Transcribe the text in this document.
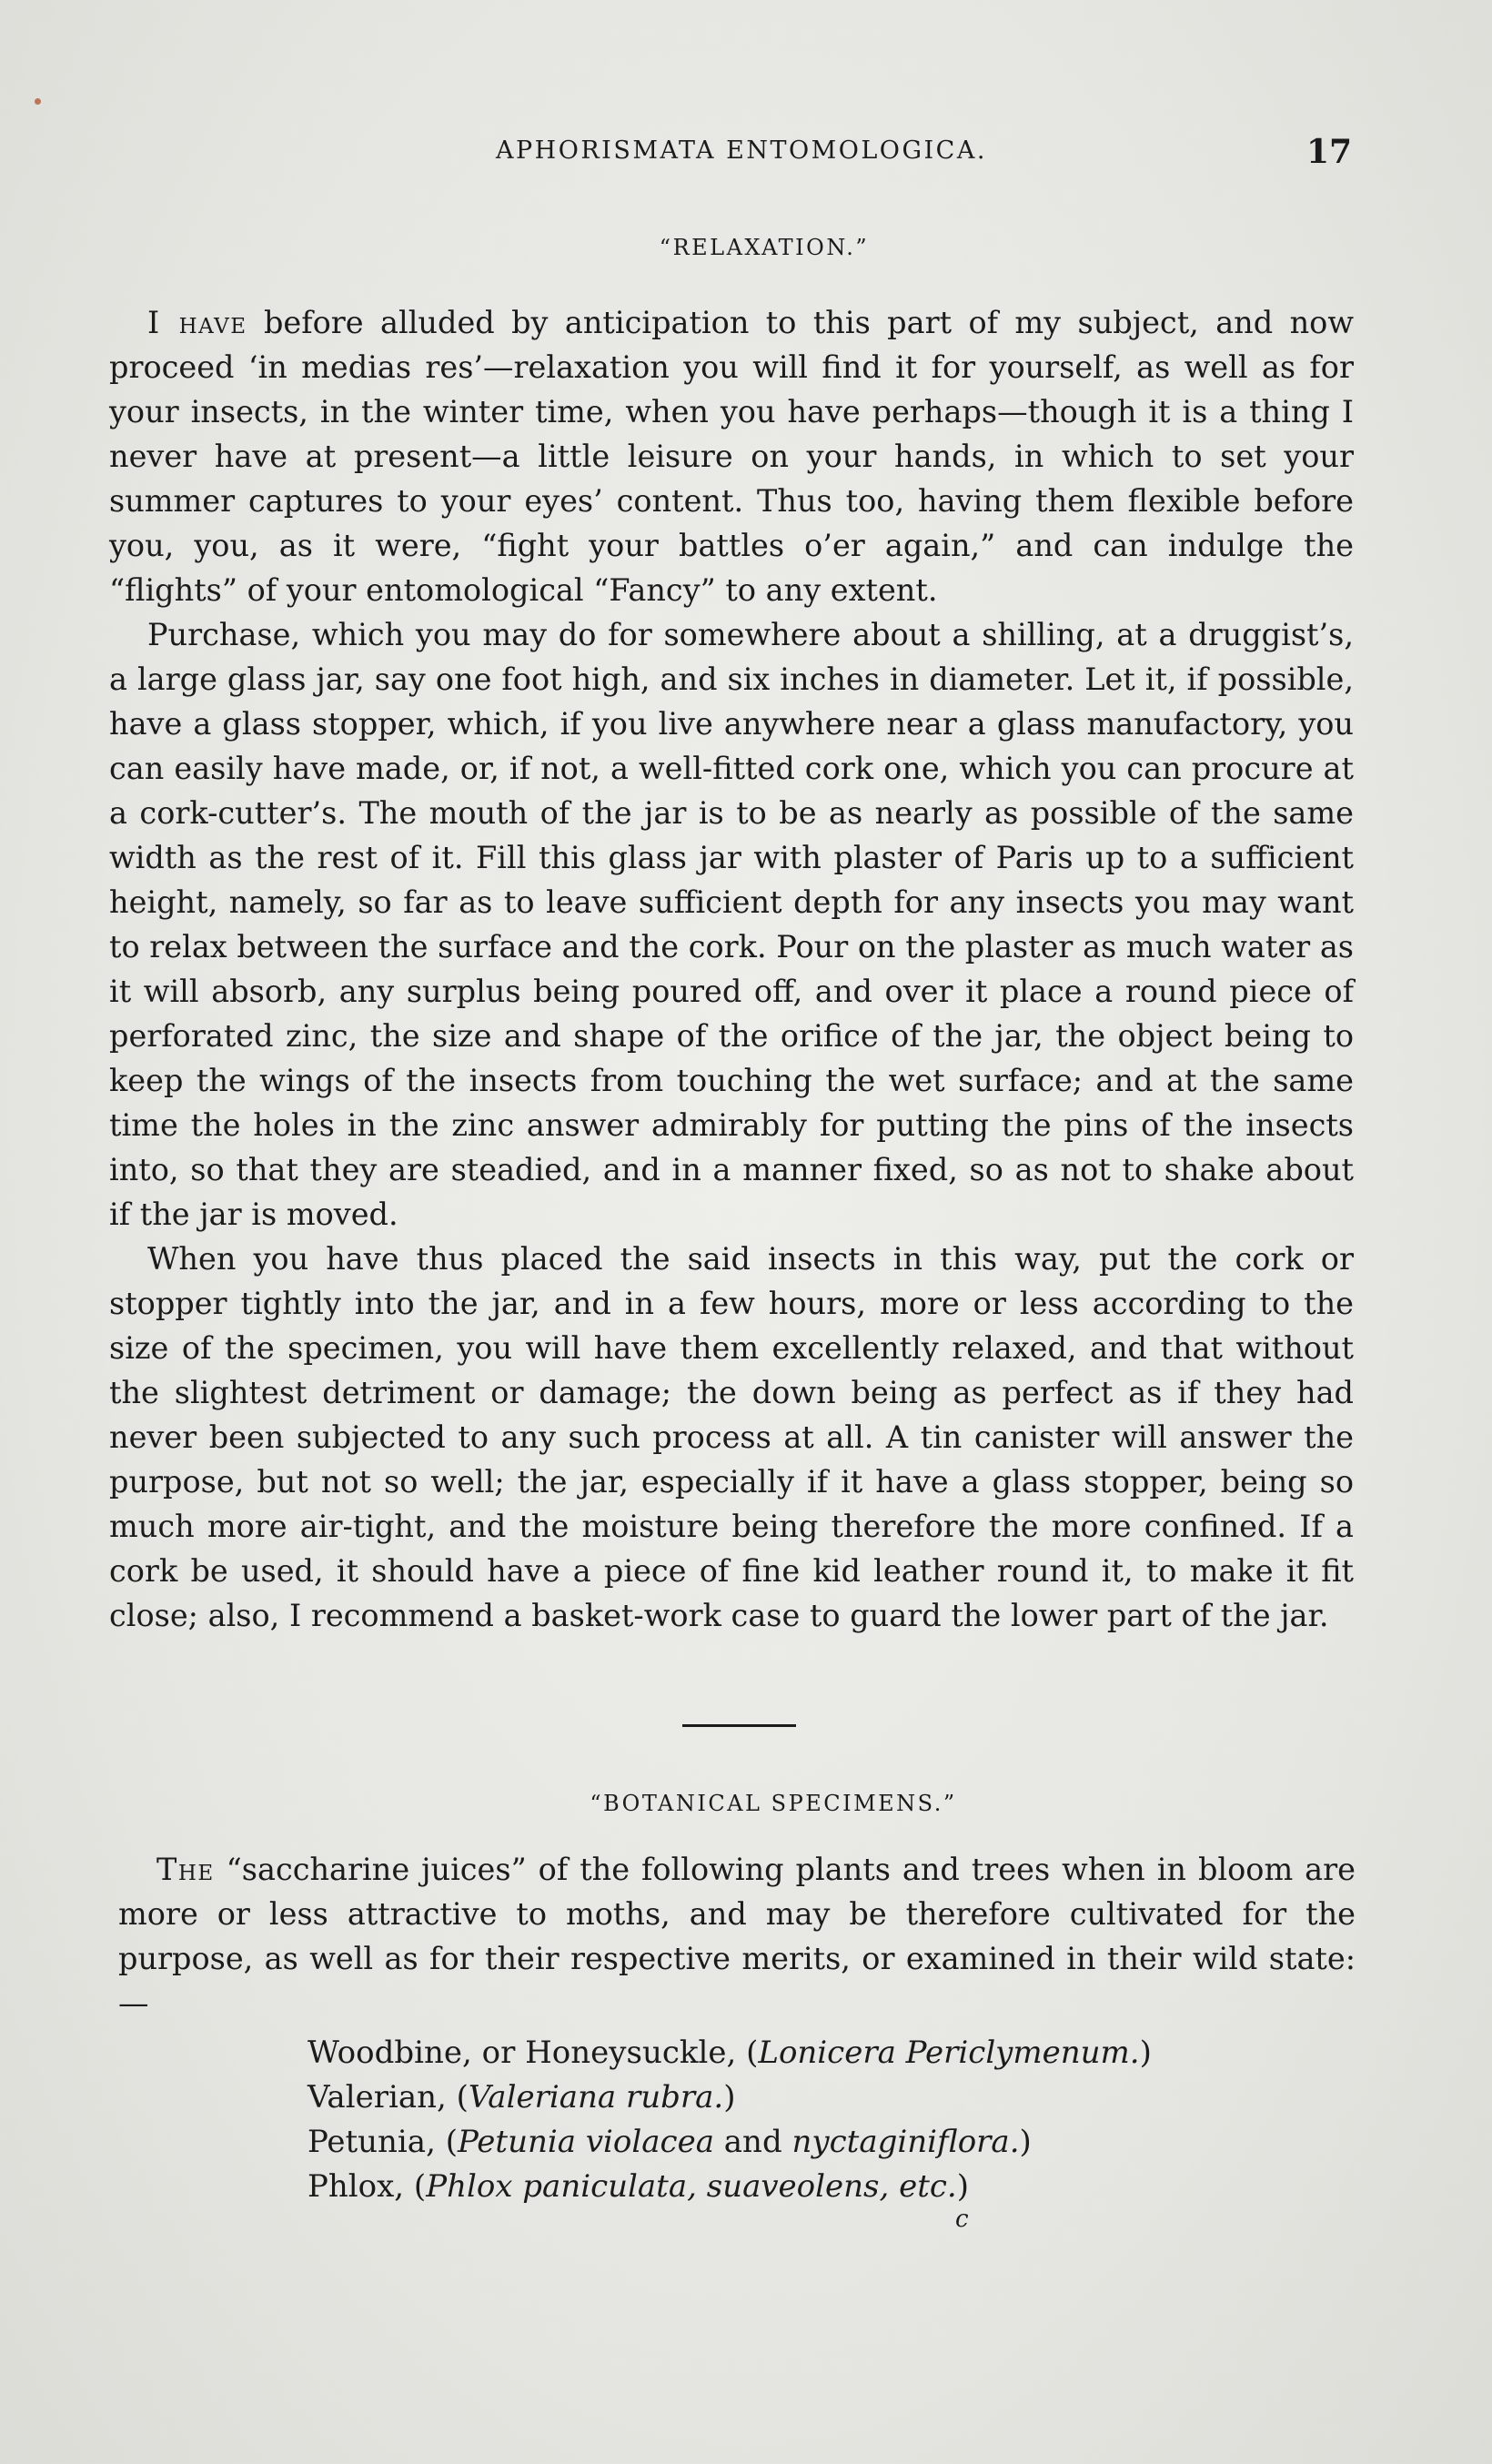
APHORISMATA ENTOMOLOGICA.	17
“RELAXATION.”

I have before alluded by anticipation to this part of my subject, and now proceed ‘in medias res’—relaxation you will find it for yourself, as well as for your insects, in the winter time, when you have perhaps—though it is a thing I never have at present—a little leisure on your hands, in which to set your summer captures to your eyes’ content. Thus too, having them flexible before you, you, as it were, “fight your battles o’er again,” and can indulge the “flights” of your entomological “Fancy” to any extent.

Purchase, which you may do for somewhere about a shilling, at a druggist’s, a large glass jar, say one foot high, and six inches in diameter. Let it, if possible, have a glass stopper, which, if you live anywhere near a glass manufactory, you can easily have made, or, if not, a well-fitted cork one, which you can procure at a cork-cutter’s. The mouth of the jar is to be as nearly as possible of the same width as the rest of it. Fill this glass jar with plaster of Paris up to a sufficient height, namely, so far as to leave sufficient depth for any insects you may want to relax between the surface and the cork. Pour on the plaster as much water as it will absorb, any surplus being poured off, and over it place a round piece of perforated zinc, the size and shape of the orifice of the jar, the object being to keep the wings of the insects from touching the wet surface; and at the same time the holes in the zinc answer admirably for putting the pins of the insects into, so that they are steadied, and in a manner fixed, so as not to shake about if the jar is moved.

When you have thus placed the said insects in this way, put the cork or stopper tightly into the jar, and in a few hours, more or less according to the size of the specimen, you will have them excellently relaxed, and that without the slightest detriment or damage; the down being as perfect as if they had never been subjected to any such process at all. A tin canister will answer the purpose, but not so well; the jar, especially if it have a glass stopper, being so much more air-tight, and the moisture being therefore the more confined. If a cork be used, it should have a piece of fine kid leather round it, to make it fit close; also, I recommend a basket-work case to guard the lower part of the jar.

“BOTANICAL SPECIMENS.”

The “saccharine juices” of the following plants and trees when in bloom are more or less attractive to moths, and may be therefore cultivated for the purpose, as well as for their respective merits, or examined in their wild state:—

Woodbine, or Honeysuckle, (Lonicera Periclymenum.)
Valerian, (Valeriana rubra.)
Petunia, (Petunia violacea and nyctaginiflora.)
Phlox, (Phlox paniculata, suaveolens, etc.)
c
